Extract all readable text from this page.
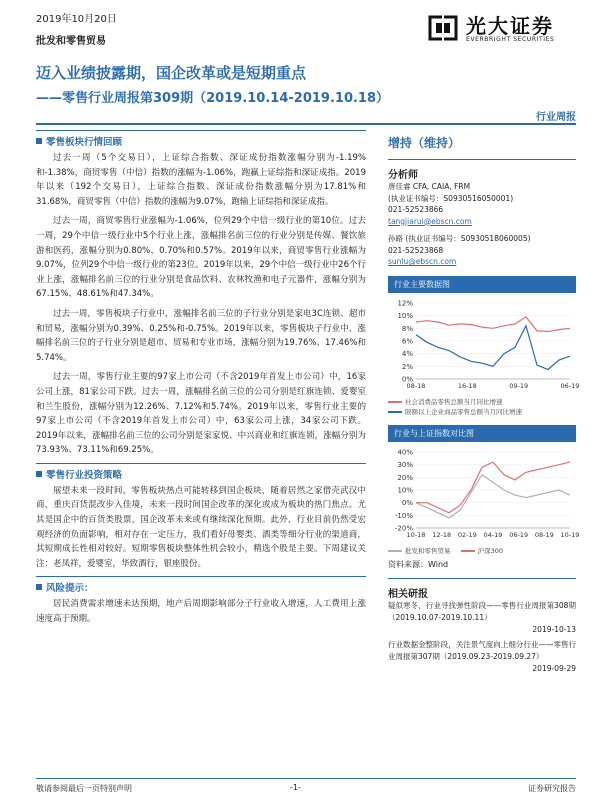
2019年10月20日
批发和零售贸易
光大证券
EVERBRIGHT SECURITIES
迈入业绩披露期，国企改革或是短期重点
——零售行业周报第309期（2019.10.14-2019.10.18）
行业周报
零售板块行情回顾

过去一周（5个交易日），上证综合指数、深证成份指数涨幅分别为-1.19%和-1.38%，商贸零售（中信）指数的涨幅为-1.06%，跑赢上证综指和深证成指。2019年以来（192个交易日），上证综合指数、深证成份指数涨幅分别为17.81%和31.68%，商贸零售（中信）指数的涨幅为9.07%，跑输上证综指和深证成指。

过去一周，商贸零售行业涨幅为-1.06%，位列29个中信一级行业的第10位。过去一周，29个中信一级行业中5个行业上涨，涨幅排名前三位的行业分别是传媒、餐饮旅游和医药，涨幅分别为0.80%、0.70%和0.57%。2019年以来，商贸零售行业涨幅为9.07%，位列29个中信一级行业的第23位。2019年以来，29个中信一级行业中26个行业上涨，涨幅排名前三位的行业分别是食品饮料、农林牧渔和电子元器件，涨幅分别为67.15%、48.61%和47.34%。

过去一周，零售板块子行业中，涨幅排名前三位的子行业分别是家电3C连锁、超市和贸易，涨幅分别为0.39%、0.25%和-0.75%。2019年以来，零售板块子行业中，涨幅排名前三位的子行业分别是超市、贸易和专业市场，涨幅分别为19.76%、17.46%和5.74%。

过去一周，零售行业主要的97家上市公司（不含2019年首发上市公司）中，16家公司上涨，81家公司下跌。过去一周，涨幅排名前三位的公司分别是红旗连锁、爱婴室和兰生股份，涨幅分别为12.26%、7.12%和5.74%。2019年以来，零售行业主要的97家上市公司（不含2019年首发上市公司）中，63家公司上涨，34家公司下跌。2019年以来，涨幅排名前三位的公司分别是家家悦、中兴商业和红旗连锁，涨幅分别为73.93%、73.11%和69.25%。

零售行业投资策略

展望未来一段时间，零售板块热点可能转移到国企板块，随着居然之家借壳武汉中商，重庆百货混改步入佳境，未来一段时间国企改革的深化或成为板块的热门焦点。尤其是国企中的百货类股票，国企改革未来或有继续深化预期。此外，行业目前仍然受宏观经济的负面影响，相对存在一定压力，我们看好母婴类、酒类等细分行业的渠道商，其短期成长性相对较好。短期零售板块整体性机会较小，精选个股是主要。下周建议关注：老凤祥，爱婴室，华致酒行，银座股份。

风险提示：

居民消费需求增速未达预期，地产后周期影响部分子行业收入增速，人工费用上涨速度高于预期。

增持（维持）
分析师
唐佳睿 CFA, CAIA, FRM
(执业证书编号：S0930516050001)
021-52523866
tangjiarui@ebscn.com
孙路 (执业证书编号：S0930518060005)
021-52523868
sunlu@ebscn.com
行业主要数据图
0%
2%
4%
6%
8%
10%
12%
08-18	16-18	09-19	06-19
社会消费品零售总额当月同比增速
限额以上企业商品零售总额当月同比增速
行业与上证指数对比图
-20%
-10%
0%
10%
20%
30%
40%
10-18 12-18 02-19 04-19 06-19 08-19 10-19
批发和零售贸易	沪深300
资料来源：Wind
相关研报
疑似寒冬，行业寻找弹性阶段——零售行业周报第308期（2019.10.07-2019.10.11）
2019-10-13
行业数据金整阶段，关注景气度向上细分行业——零售行业周报第307期（2019.09.23-2019.09.27）
2019-09-29
敬请参阅最后一页特别声明	-1-	证券研究报告
